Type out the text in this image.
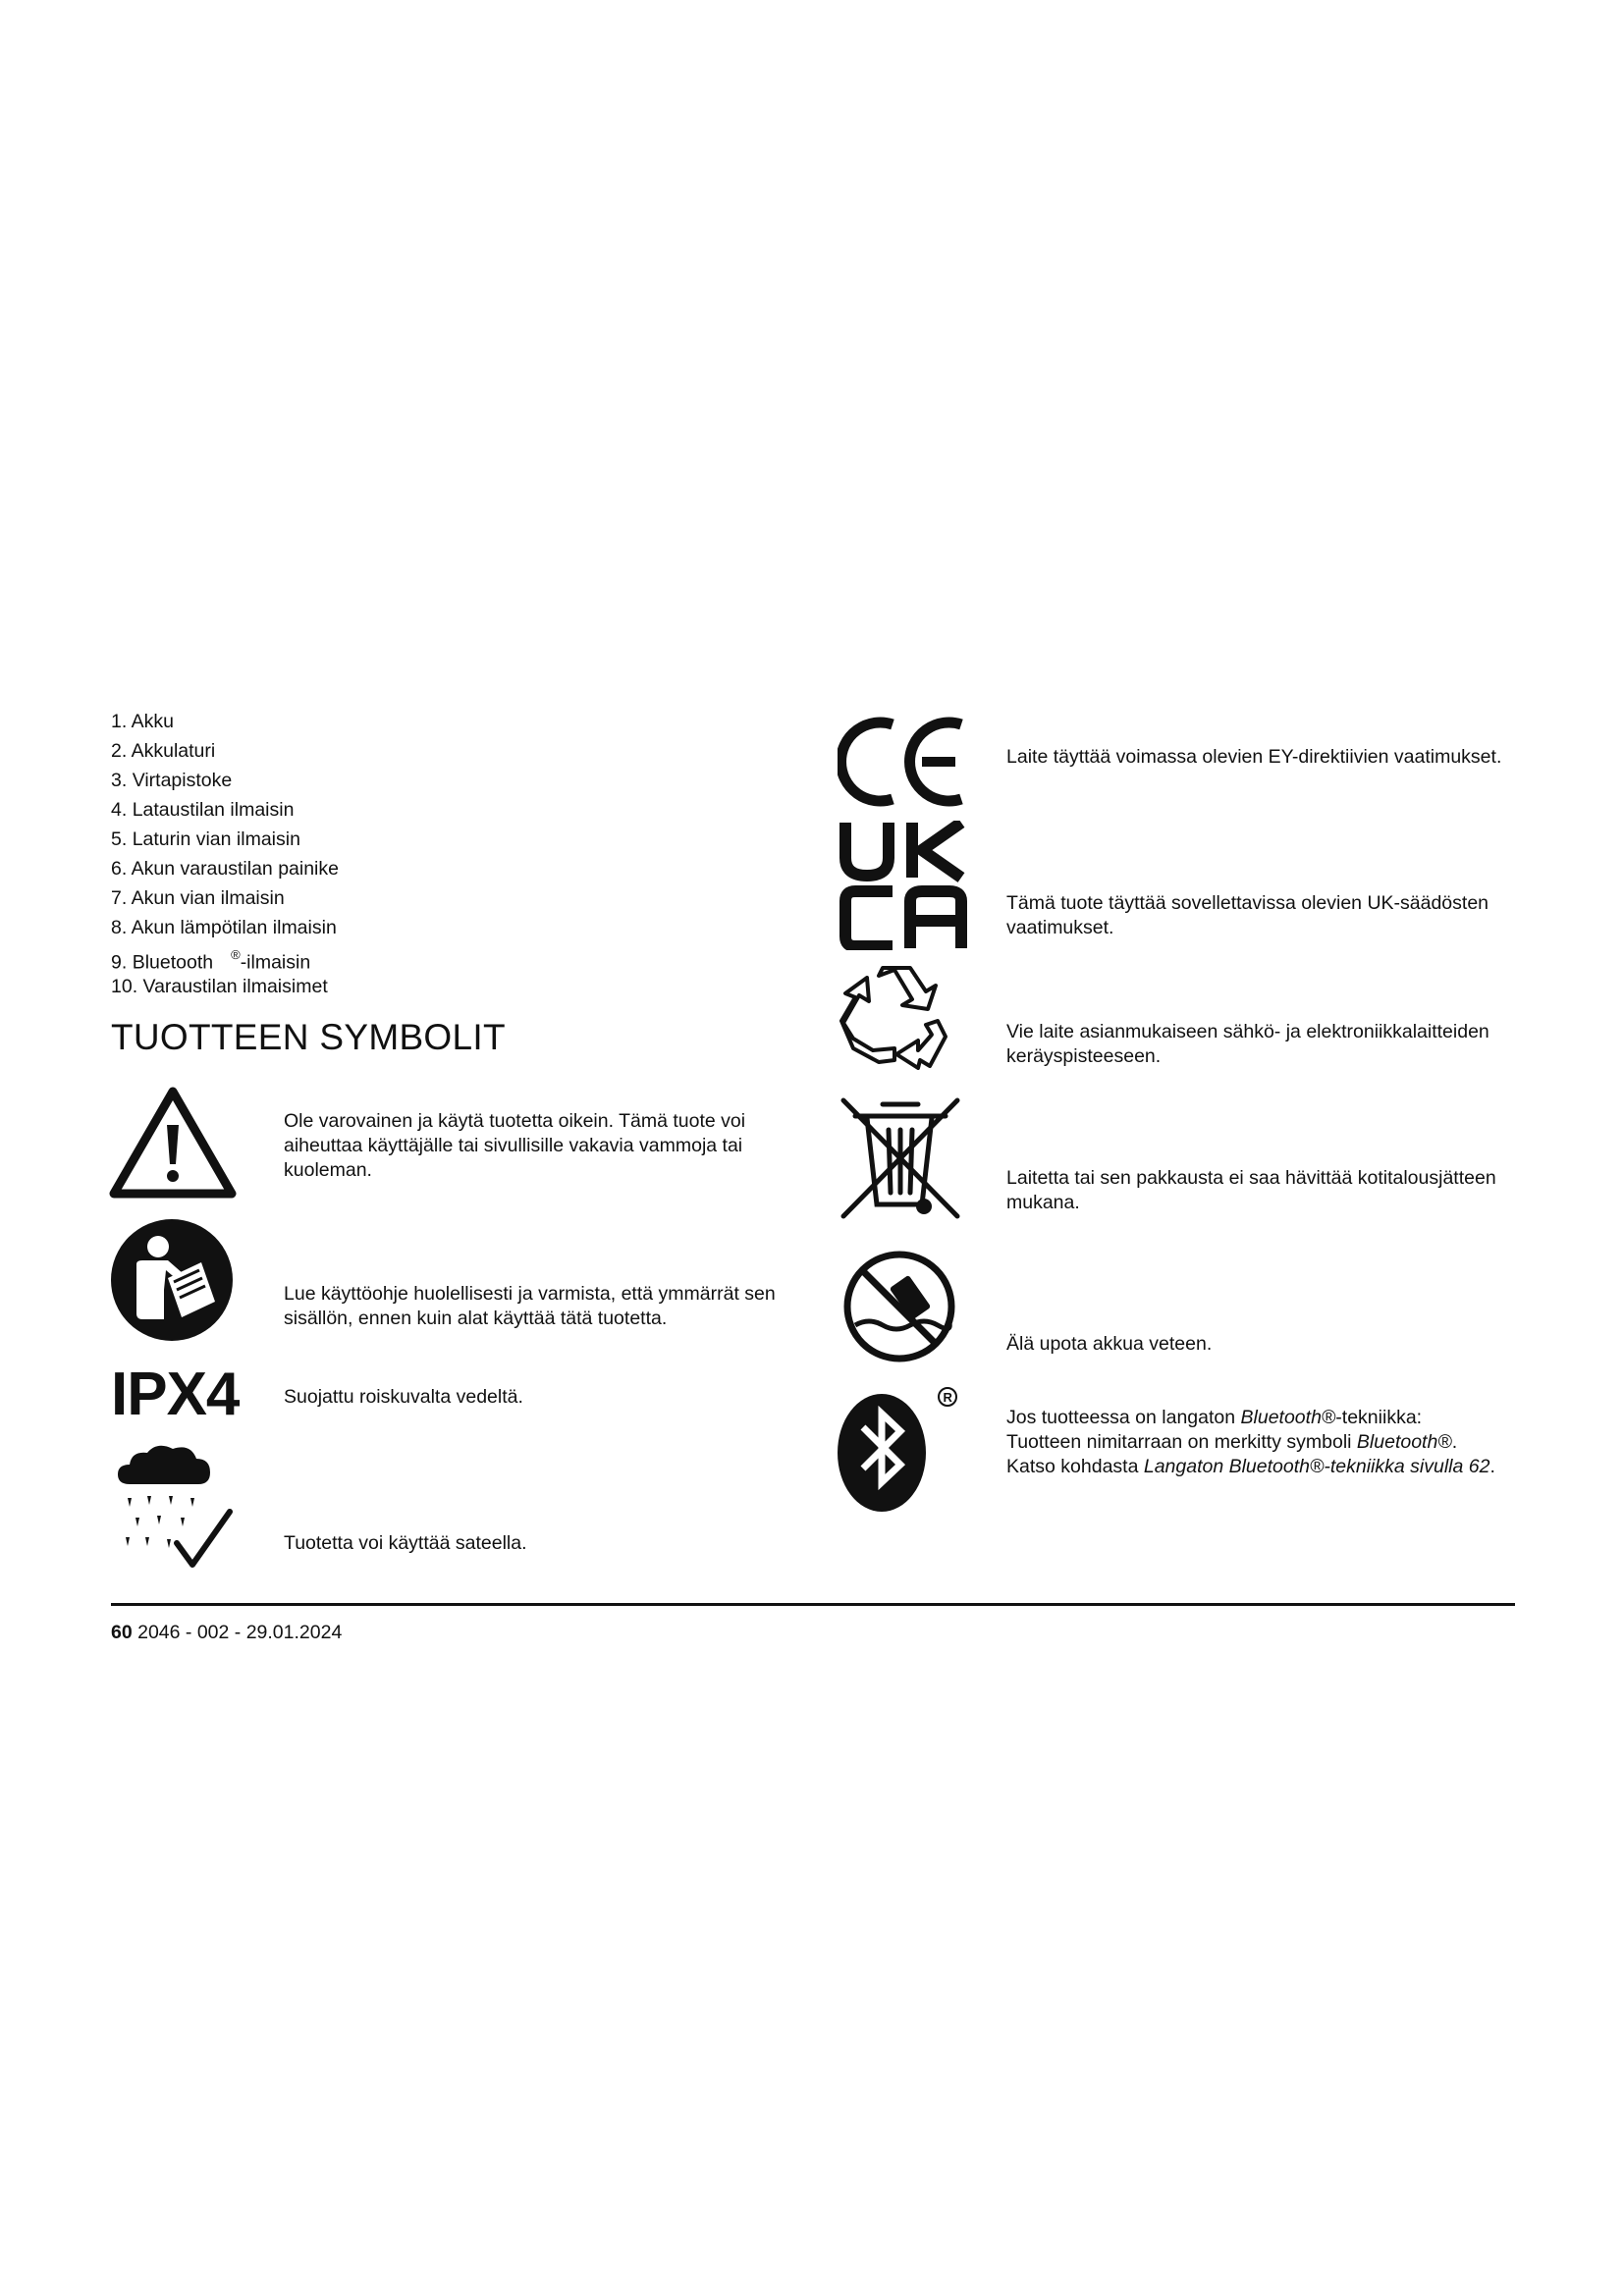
1. Akku
2. Akkulaturi
3. Virtapistoke
4. Lataustilan ilmaisin
5. Laturin vian ilmaisin
6. Akun varaustilan painike
7. Akun vian ilmaisin
8. Akun lämpötilan ilmaisin
9. Bluetooth ®-ilmaisin
10. Varaustilan ilmaisimet
TUOTTEEN SYMBOLIT
Ole varovainen ja käytä tuotetta oikein. Tämä tuote voi aiheuttaa käyttäjälle tai sivullisille vakavia vammoja tai kuoleman.
Lue käyttöohje huolellisesti ja varmista, että ymmärrät sen sisällön, ennen kuin alat käyttää tätä tuotetta.
IPX4 Suojattu roiskuvalta vedeltä.
Tuotetta voi käyttää sateella.
Laite täyttää voimassa olevien EY-direktiivien vaatimukset.
Tämä tuote täyttää sovellettavissa olevien UK-säädösten vaatimukset.
Vie laite asianmukaiseen sähkö- ja elektroniikkalaitteiden keräyspisteeseen.
Laitetta tai sen pakkausta ei saa hävittää kotitalousjätteen mukana.
Älä upota akkua veteen.
R
Jos tuotteessa on langaton Bluetooth®-tekniikka:
Tuotteen nimitarraan on merkitty symboli Bluetooth®.
Katso kohdasta Langaton Bluetooth®-tekniikka sivulla 62.
60 2046 - 002 - 29.01.2024
